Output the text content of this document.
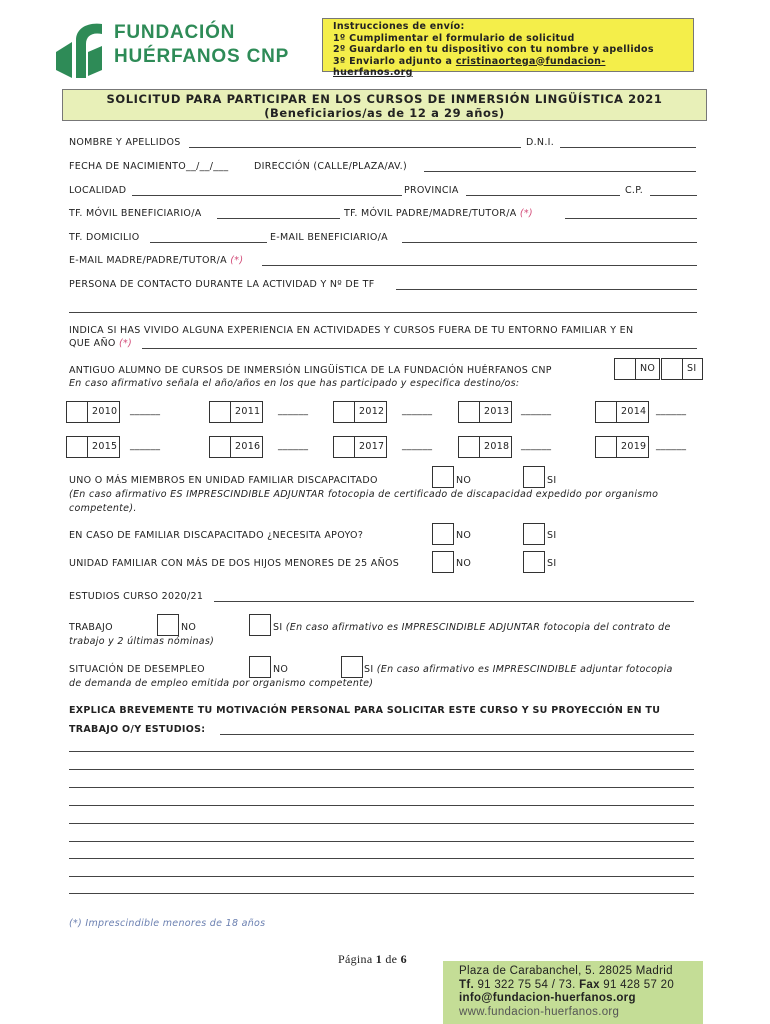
FUNDACIÓN
HUÉRFANOS CNP
Instrucciones de envío:
1º Cumplimentar el formulario de solicitud
2º Guardarlo en tu dispositivo con tu nombre y apellidos
3º Enviarlo adjunto a cristinaortega@fundacion-huerfanos.org
SOLICITUD PARA PARTICIPAR EN LOS CURSOS DE INMERSIÓN LINGÜÍSTICA 2021
(Beneficiarios/as de 12 a 29 años)
NOMBRE Y APELLIDOS	D.N.I.
FECHA DE NACIMIENTO__/__/___	DIRECCIÓN (CALLE/PLAZA/AV.)
LOCALIDAD	PROVINCIA	C.P.
TF. MÓVIL BENEFICIARIO/A	TF. MÓVIL PADRE/MADRE/TUTOR/A (*)
TF. DOMICILIO	E-MAIL BENEFICIARIO/A
E-MAIL MADRE/PADRE/TUTOR/A (*)
PERSONA DE CONTACTO DURANTE LA ACTIVIDAD Y Nº DE TF
INDICA SI HAS VIVIDO ALGUNA EXPERIENCIA EN ACTIVIDADES Y CURSOS FUERA DE TU ENTORNO FAMILIAR Y EN
QUE AÑO (*)
ANTIGUO ALUMNO DE CURSOS DE INMERSIÓN LINGÜÍSTICA DE LA FUNDACIÓN HUÉRFANOS CNP
En caso afirmativo señala el año/años en los que has participado y especifica destino/os:
NO	SI
2010 ______	2011 ______	2012 ______	2013 ______	2014 ______
2015 ______	2016 ______	2017 ______	2018 ______	2019 ______
UNO O MÁS MIEMBROS EN UNIDAD FAMILIAR DISCAPACITADO	NO	SI
(En caso afirmativo ES IMPRESCINDIBLE ADJUNTAR fotocopia de certificado de discapacidad expedido por organismo
competente).
EN CASO DE FAMILIAR DISCAPACITADO ¿NECESITA APOYO?	NO	SI
UNIDAD FAMILIAR CON MÁS DE DOS HIJOS MENORES DE 25 AÑOS	NO	SI
ESTUDIOS CURSO 2020/21
TRABAJO	NO	SI (En caso afirmativo es IMPRESCINDIBLE ADJUNTAR fotocopia del contrato de
trabajo y 2 últimas nóminas)
SITUACIÓN DE DESEMPLEO	NO	SI (En caso afirmativo es IMPRESCINDIBLE adjuntar fotocopia
de demanda de empleo emitida por organismo competente)
EXPLICA BREVEMENTE TU MOTIVACIÓN PERSONAL PARA SOLICITAR ESTE CURSO Y SU PROYECCIÓN EN TU
TRABAJO O/Y ESTUDIOS:
(*) Imprescindible menores de 18 años
Página 1 de 6
Plaza de Carabanchel, 5. 28025 Madrid
Tf. 91 322 75 54 / 73. Fax 91 428 57 20
info@fundacion-huerfanos.org
www.fundacion-huerfanos.org
